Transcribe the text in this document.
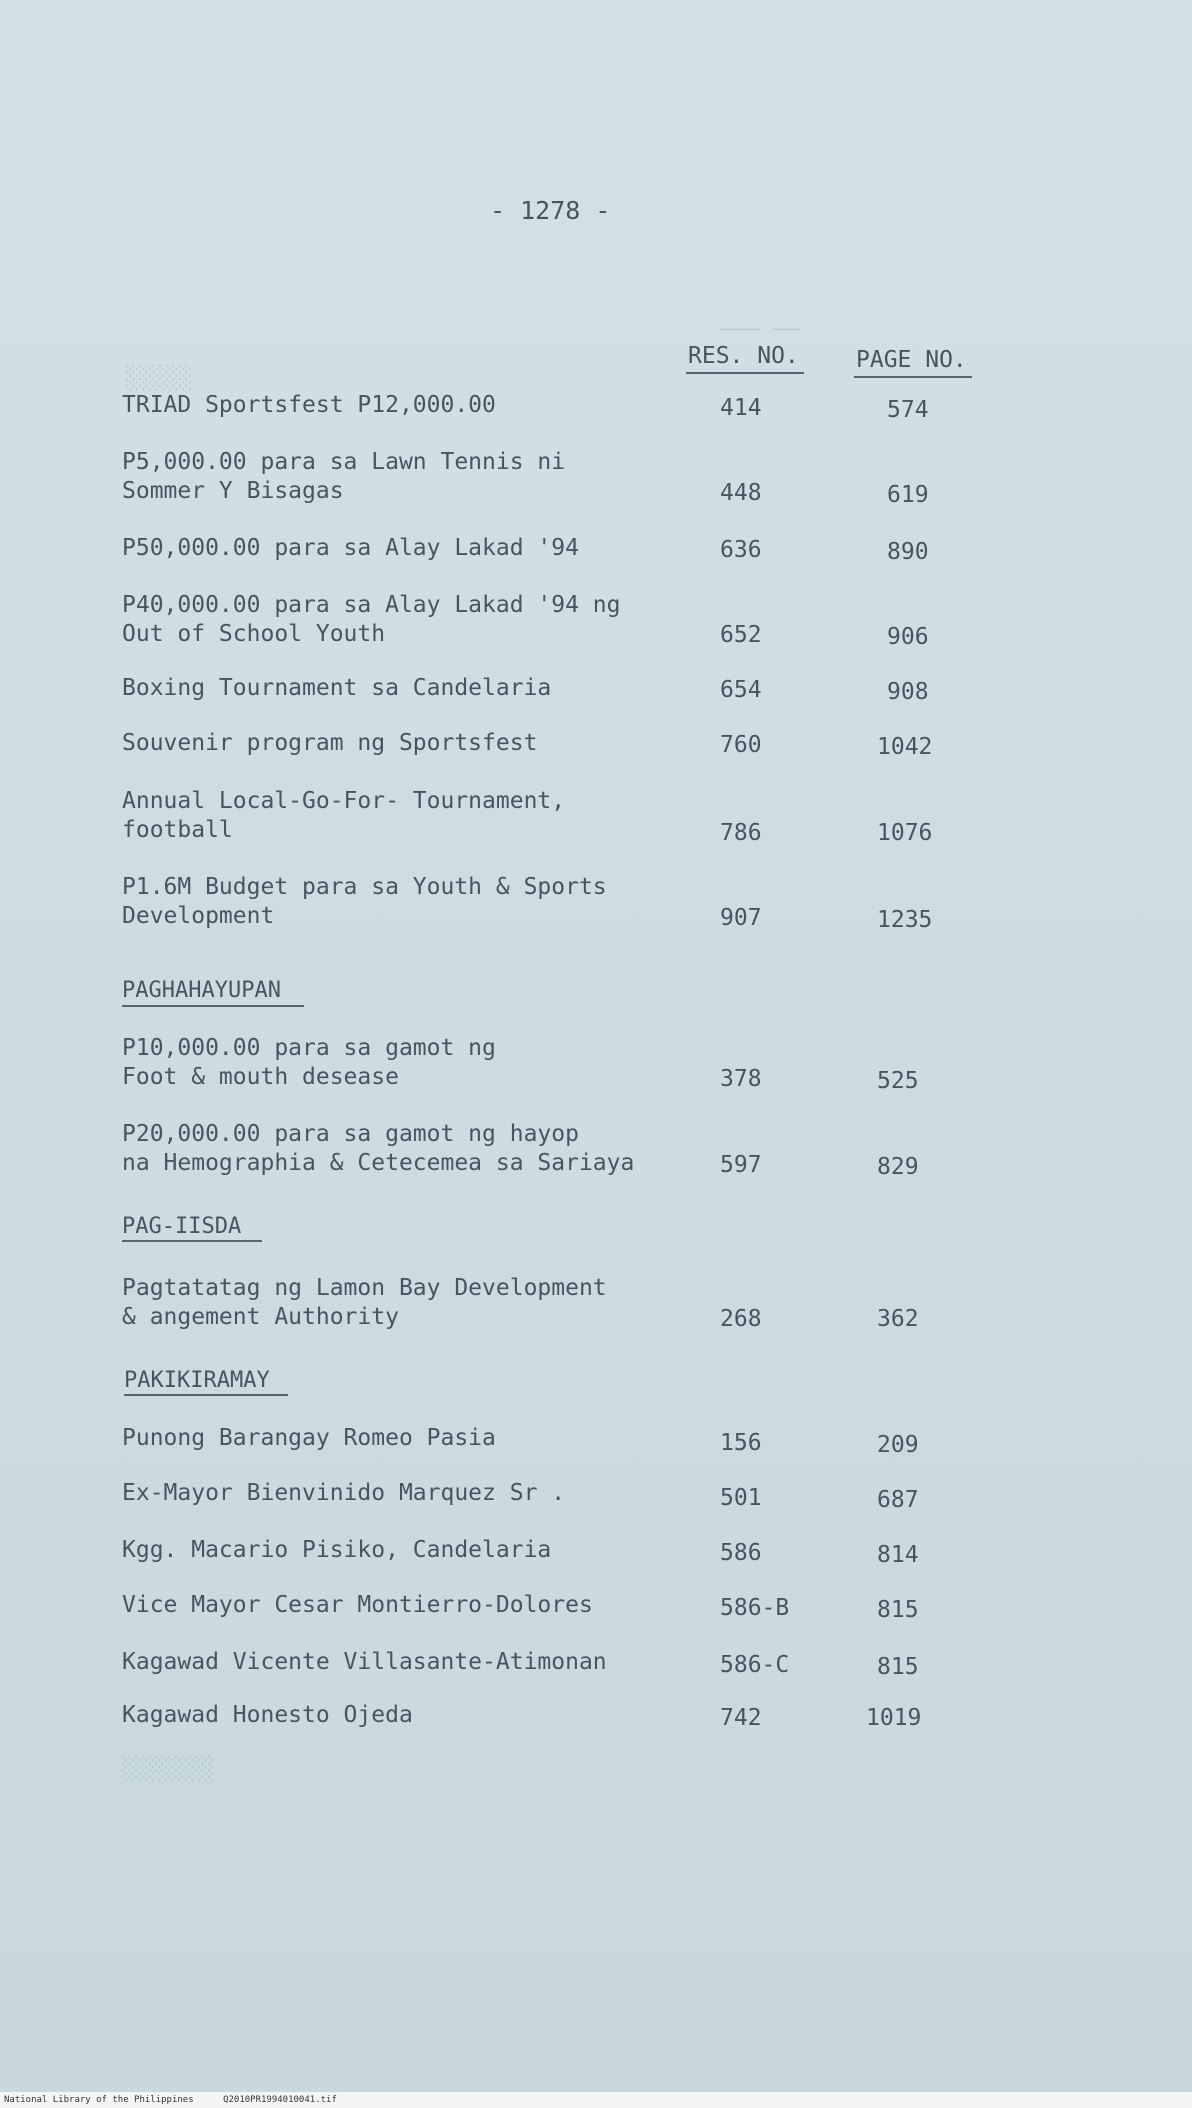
─── ──
░░░░░
- 1278 -
RES. NO. PAGE NO.
TRIAD Sportsfest P12,000.00	414	574
P5,000.00 para sa Lawn Tennis ni
Sommer Y Bisagas	448	619
P50,000.00 para sa Alay Lakad '94	636	890
P40,000.00 para sa Alay Lakad '94 ng
Out of School Youth	652	906
Boxing Tournament sa Candelaria	654	908
Souvenir program ng Sportsfest	760	1042
Annual Local-Go-For- Tournament,
football	786	1076
P1.6M Budget para sa Youth & Sports
Development	907	1235
PAGHAHAYUPAN
P10,000.00 para sa gamot ng
Foot & mouth desease	378	525
P20,000.00 para sa gamot ng hayop
na Hemographia & Cetecemea sa Sariaya	597	829
PAG-IISDA
Pagtatatag ng Lamon Bay Development
& angement Authority	268	362
PAKIKIRAMAY
Punong Barangay Romeo Pasia	156	209
Ex-Mayor Bienvinido Marquez Sr .	501	687
Kgg. Macario Pisiko, Candelaria	586	814
Vice Mayor Cesar Montierro-Dolores	586-B	815
Kagawad Vicente Villasante-Atimonan	586-C	815
Kagawad Honesto Ojeda	742	1019
░░░░░░░
National Library of the Philippines	Q2010PR1994010041.tif
